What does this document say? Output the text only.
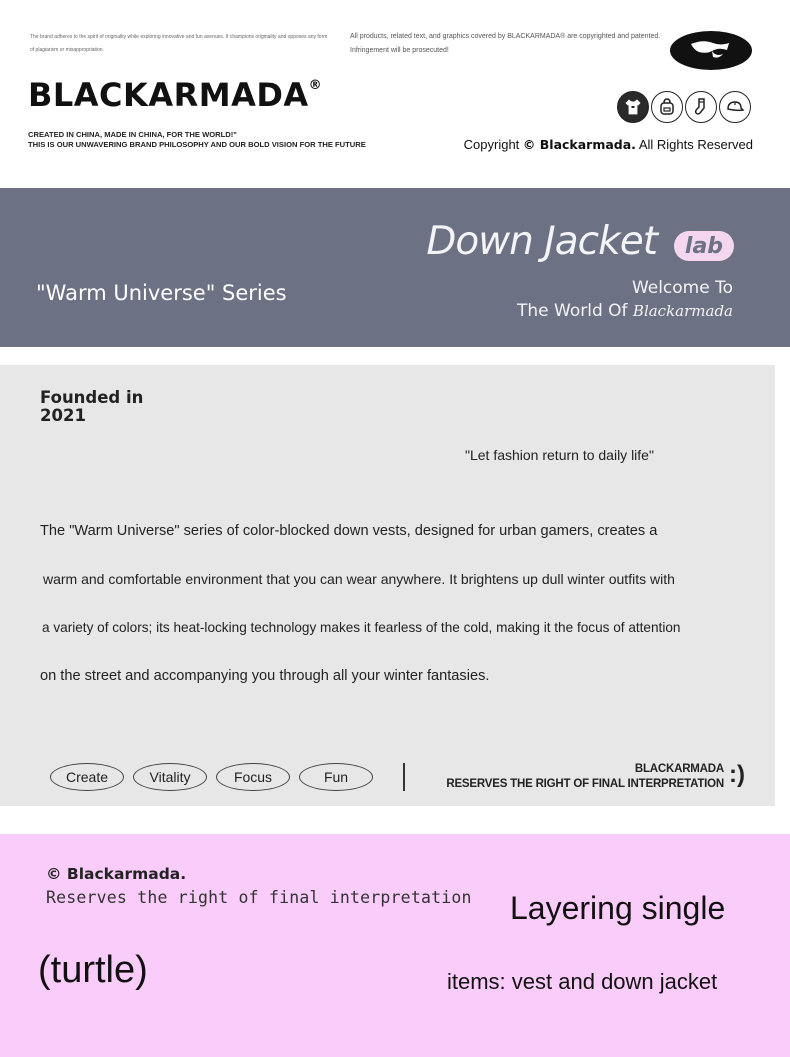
The brand adheres to the spirit of originality while exploring innovative and fun avenues. It champions originality and opposes any form of plagiarism or misappropriation.
All products, related text, and graphics covered by BLACKARMADA® are copyrighted and patented. Infringement will be prosecuted!
BLACKARMADA®
CREATED IN CHINA, MADE IN CHINA, FOR THE WORLD!"
THIS IS OUR UNWAVERING BRAND PHILOSOPHY AND OUR BOLD VISION FOR THE FUTURE	Copyright © Blackarmada. All Rights Reserved
"Warm Universe" Series
Down Jacket	lab
Welcome To
The World Of Blackarmada
Founded in
2021
"Let fashion return to daily life"

The "Warm Universe" series of color-blocked down vests, designed for urban gamers, creates a

warm and comfortable environment that you can wear anywhere. It brightens up dull winter outfits with

a variety of colors; its heat-locking technology makes it fearless of the cold, making it the focus of attention

on the street and accompanying you through all your winter fantasies.

Create	Vitality	Focus	Fun	BLACKARMADA
RESERVES THE RIGHT OF FINAL INTERPRETATION :)
© Blackarmada.
Reserves the right of final interpretation Layering single
(turtle)	items: vest and down jacket
